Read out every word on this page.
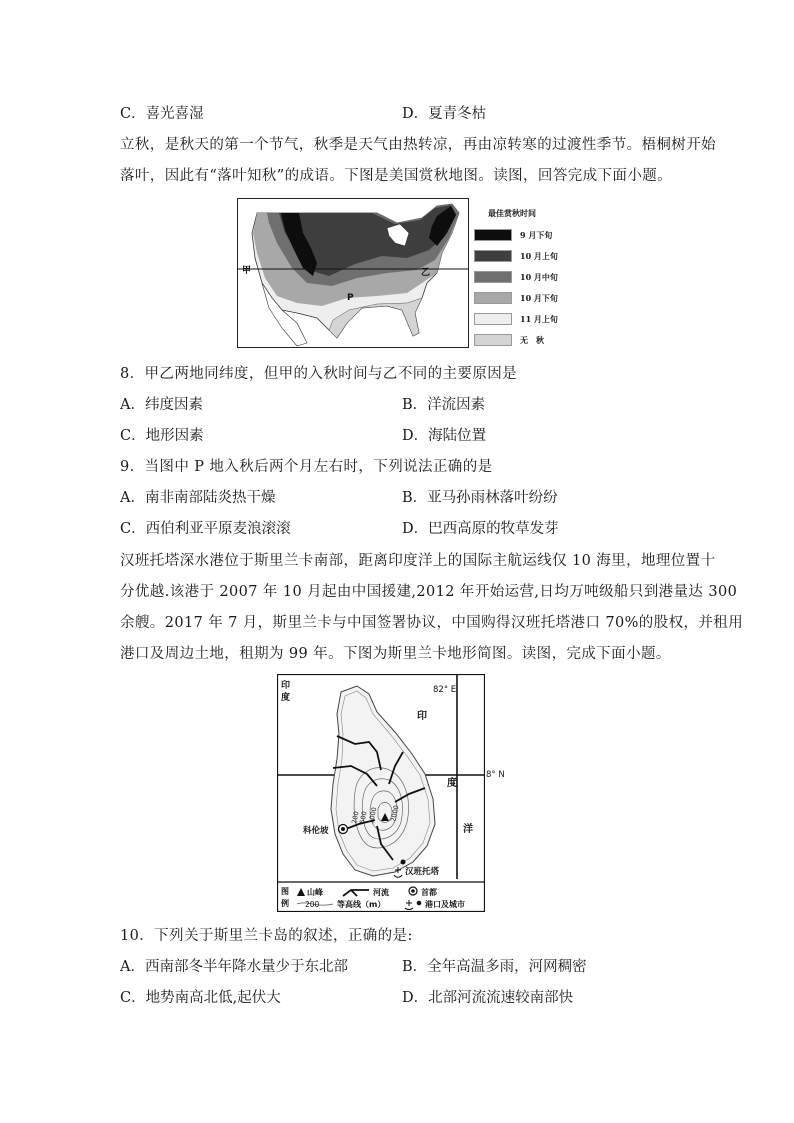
C．喜光喜湿	D．夏青冬枯
立秋，是秋天的第一个节气，秋季是天气由热转凉，再由凉转寒的过渡性季节。梧桐树开始
落叶，因此有“落叶知秋”的成语。下图是美国赏秋地图。读图，回答完成下面小题。
甲	乙
P
最佳赏秋时间
9 月下旬
10 月上旬
10 月中旬
10 月下旬
11 月上旬
无　秋
8．甲乙两地同纬度，但甲的入秋时间与乙不同的主要原因是
A．纬度因素	B．洋流因素
C．地形因素	D．海陆位置
9．当图中 P 地入秋后两个月左右时，下列说法正确的是
A．南非南部陆炎热干燥	B．亚马孙雨林落叶纷纷
C．西伯利亚平原麦浪滚滚	D．巴西高原的牧草发芽
汉班托塔深水港位于斯里兰卡南部，距离印度洋上的国际主航运线仅 10 海里，地理位置十
分优越.该港于 2007 年 10 月起由中国援建,2012 年开始运营,日均万吨级船只到港量达 300
余艘。2017 年 7 月，斯里兰卡与中国签署协议，中国购得汉班托塔港口 70%的股权，并租用
港口及周边土地，租期为 99 年。下图为斯里兰卡地形简图。读图，完成下面小题。
印
度
82° E
印
度
洋
科伦坡
汉班托塔
200
500
1000 2000
图
例
山峰	河流	首都
200 等高线（m）	港口及城市
8° N
10．下列关于斯里兰卡岛的叙述，正确的是:
A．西南部冬半年降水量少于东北部	B．全年高温多雨，河网稠密
C．地势南高北低,起伏大	D．北部河流流速较南部快
